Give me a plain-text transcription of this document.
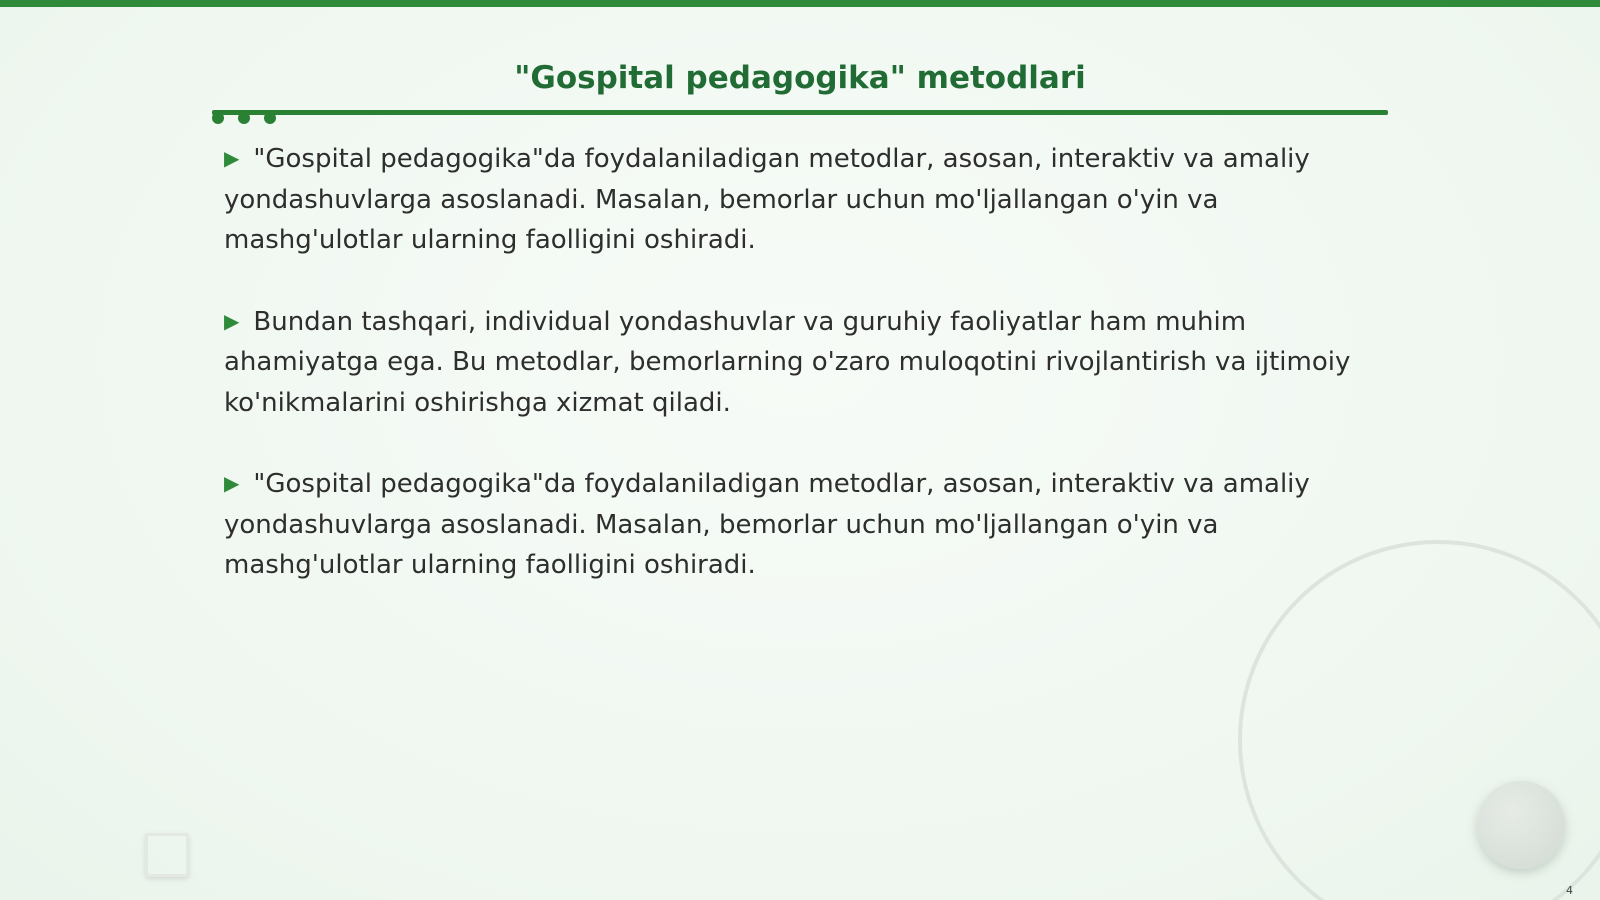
"Gospital pedagogika" metodlari

▶ "Gospital pedagogika"da foydalaniladigan metodlar, asosan, interaktiv va amaliy yondashuvlarga asoslanadi. Masalan, bemorlar uchun mo'ljallangan o'yin va mashg'ulotlar ularning faolligini oshiradi.

▶ Bundan tashqari, individual yondashuvlar va guruhiy faoliyatlar ham muhim ahamiyatga ega. Bu metodlar, bemorlarning o'zaro muloqotini rivojlantirish va ijtimoiy ko'nikmalarini oshirishga xizmat qiladi.

▶ "Gospital pedagogika"da foydalaniladigan metodlar, asosan, interaktiv va amaliy yondashuvlarga asoslanadi. Masalan, bemorlar uchun mo'ljallangan o'yin va mashg'ulotlar ularning faolligini oshiradi.

4
